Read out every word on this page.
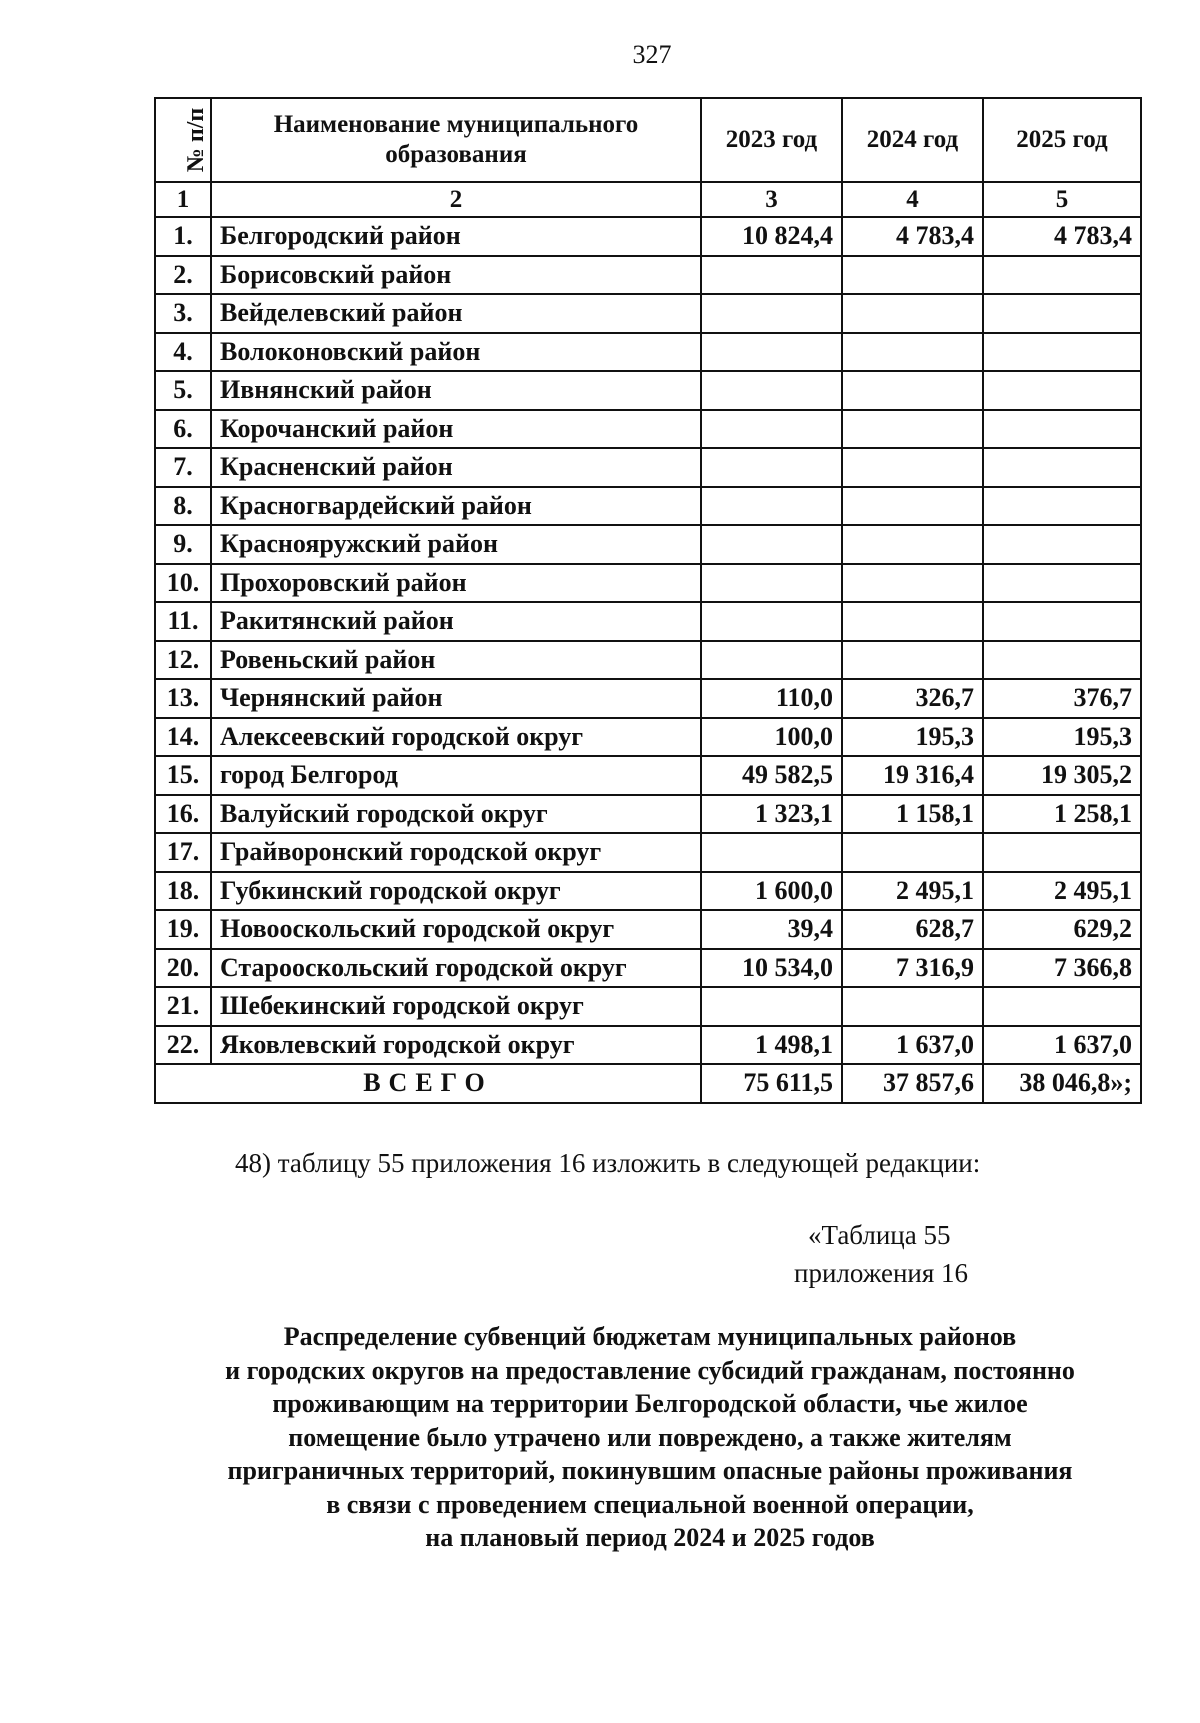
327
№ п/п	Наименование муниципального образования	2023 год	2024 год	2025 год
1	2	3	4	5
1.	Белгородский район	10 824,4	4 783,4	4 783,4
2.	Борисовский район			
3.	Вейделевский район			
4.	Волоконовский район			
5.	Ивнянский район			
6.	Корочанский район			
7.	Красненский район			
8.	Красногвардейский район			
9.	Краснояружский район			
10.	Прохоровский район			
11.	Ракитянский район			
12.	Ровеньский район			
13.	Чернянский район	110,0	326,7	376,7
14.	Алексеевский городской округ	100,0	195,3	195,3
15.	город Белгород	49 582,5	19 316,4	19 305,2
16.	Валуйский городской округ	1 323,1	1 158,1	1 258,1
17.	Грайворонский городской округ			
18.	Губкинский городской округ	1 600,0	2 495,1	2 495,1
19.	Новооскольский городской округ	39,4	628,7	629,2
20.	Старооскольский городской округ	10 534,0	7 316,9	7 366,8
21.	Шебекинский городской округ			
22.	Яковлевский городской округ	1 498,1	1 637,0	1 637,0
ВСЕГО		75 611,5	37 857,6	38 046,8»;
48) таблицу 55 приложения 16 изложить в следующей редакции:
«Таблица 55
приложения 16
Распределение субвенций бюджетам муниципальных районов
и городских округов на предоставление субсидий гражданам, постоянно
проживающим на территории Белгородской области, чье жилое
помещение было утрачено или повреждено, а также жителям
приграничных территорий, покинувшим опасные районы проживания
в связи с проведением специальной военной операции,
на плановый период 2024 и 2025 годов
